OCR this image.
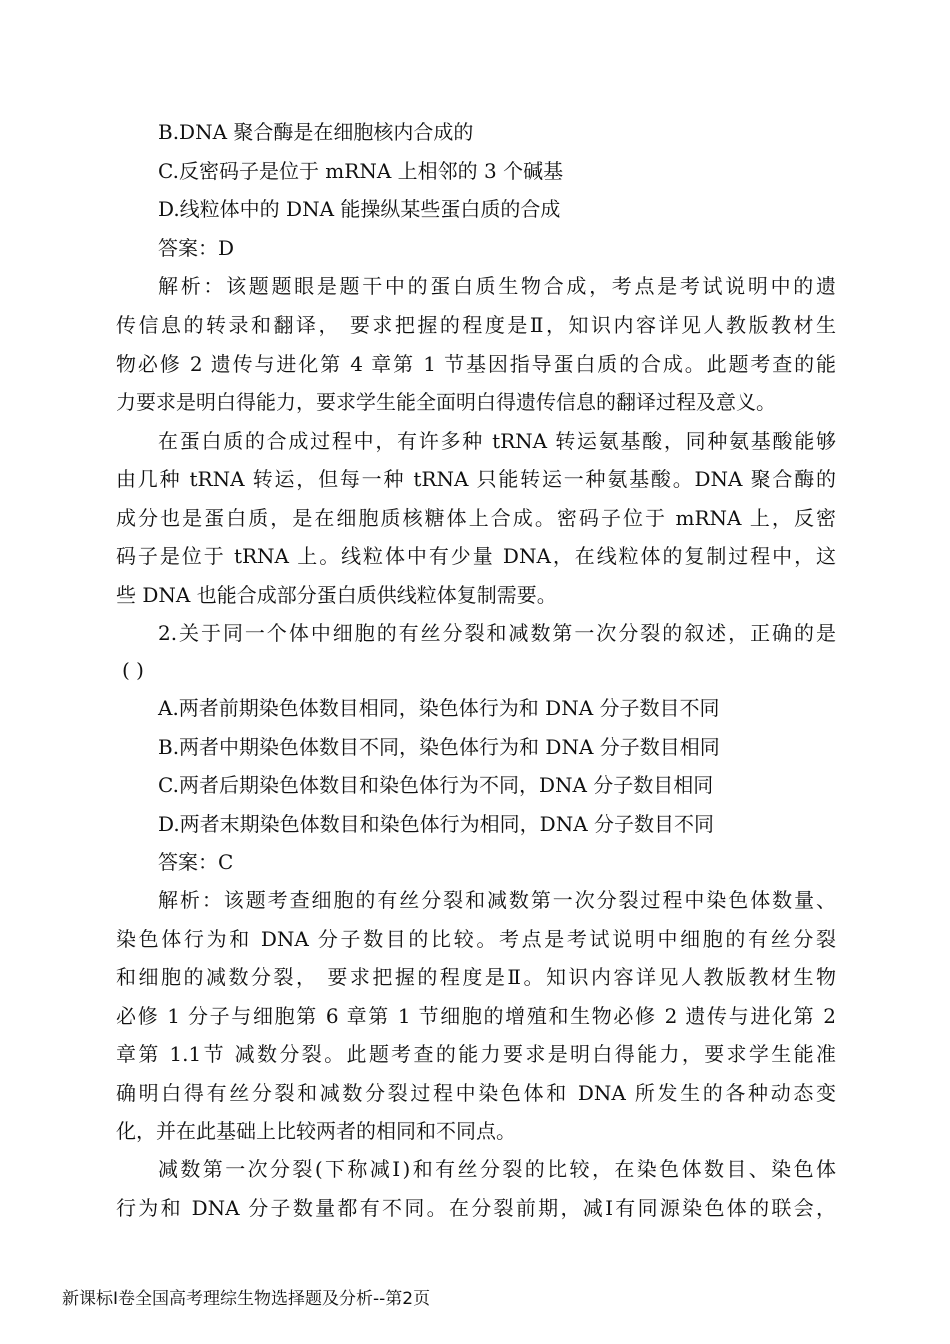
B.DNA 聚合酶是在细胞核内合成的
C.反密码子是位于 mRNA 上相邻的 3 个碱基
D.线粒体中的 DNA 能操纵某些蛋白质的合成
答案：D
解析：该题题眼是题干中的蛋白质生物合成，考点是考试说明中的遗
传信息的转录和翻译， 要求把握的程度是Ⅱ，知识内容详见人教版教材生
物必修 2 遗传与进化第 4 章第 1 节基因指导蛋白质的合成。此题考查的能
力要求是明白得能力，要求学生能全面明白得遗传信息的翻译过程及意义。
在蛋白质的合成过程中，有许多种 tRNA 转运氨基酸，同种氨基酸能够
由几种 tRNA 转运，但每一种 tRNA 只能转运一种氨基酸。DNA 聚合酶的
成分也是蛋白质，是在细胞质核糖体上合成。密码子位于 mRNA 上，反密
码子是位于 tRNA 上。线粒体中有少量 DNA，在线粒体的复制过程中，这
些 DNA 也能合成部分蛋白质供线粒体复制需要。
2.关于同一个体中细胞的有丝分裂和减数第一次分裂的叙述，正确的是
( )
A.两者前期染色体数目相同，染色体行为和 DNA 分子数目不同
B.两者中期染色体数目不同，染色体行为和 DNA 分子数目相同
C.两者后期染色体数目和染色体行为不同，DNA 分子数目相同
D.两者末期染色体数目和染色体行为相同，DNA 分子数目不同
答案：C
解析：该题考查细胞的有丝分裂和减数第一次分裂过程中染色体数量、
染色体行为和 DNA 分子数目的比较。考点是考试说明中细胞的有丝分裂
和细胞的减数分裂， 要求把握的程度是Ⅱ。知识内容详见人教版教材生物
必修 1 分子与细胞第 6 章第 1 节细胞的增殖和生物必修 2 遗传与进化第 2
章第 1.1节 减数分裂。此题考查的能力要求是明白得能力，要求学生能准
确明白得有丝分裂和减数分裂过程中染色体和 DNA 所发生的各种动态变
化，并在此基础上比较两者的相同和不同点。
减数第一次分裂(下称减Ⅰ)和有丝分裂的比较，在染色体数目、染色体
行为和 DNA 分子数量都有不同。在分裂前期，减Ⅰ有同源染色体的联会，
新课标I卷全国高考理综生物选择题及分析--第2页
